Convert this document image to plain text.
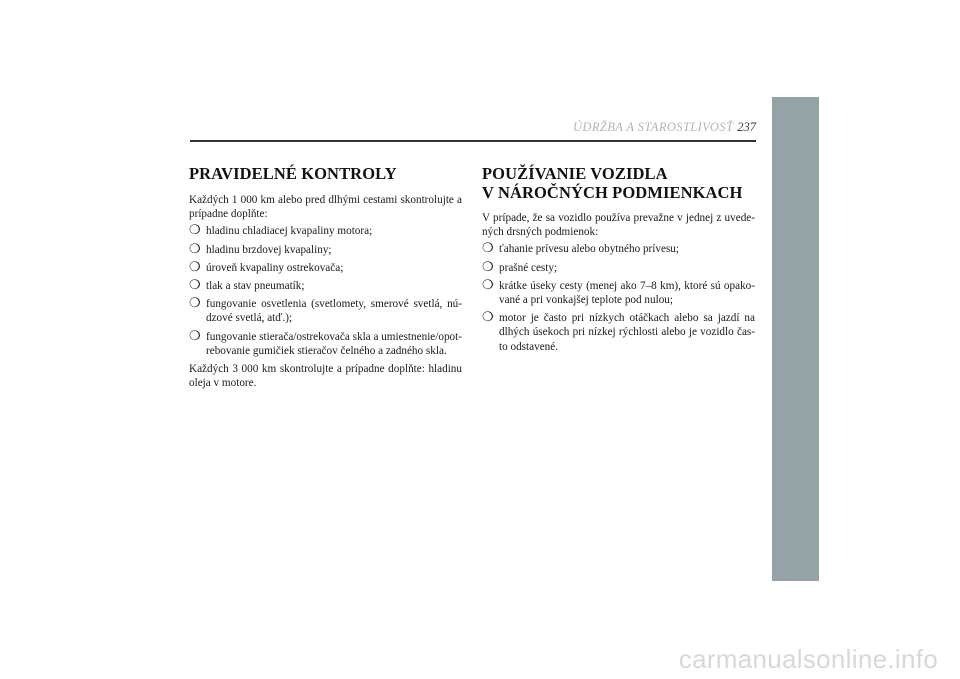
ÚDRŽBA A STAROSTLIVOSŤ 237
PRAVIDELNÉ KONTROLY

Každých 1 000 km alebo pred dlhými cestami skontrolujte a prípadne doplňte:

❍ hladinu chladiacej kvapaliny motora;
❍ hladinu brzdovej kvapaliny;
❍ úroveň kvapaliny ostrekovača;
❍ tlak a stav pneumatík;
❍ fungovanie osvetlenia (svetlomety, smerové svetlá, nú-dzové svetlá, atď.);
❍ fungovanie stierača/ostrekovača skla a umiestnenie/opot-rebovanie gumičiek stieračov čelného a zadného skla.

Každých 3 000 km skontrolujte a prípadne doplňte: hladinu oleja v motore.

POUŽÍVANIE VOZIDLA
V NÁROČNÝCH PODMIENKACH

V prípade, že sa vozidlo používa prevažne v jednej z uvede-ných drsných podmienok:

❍ ťahanie prívesu alebo obytného prívesu;
❍ prašné cesty;
❍ krátke úseky cesty (menej ako 7–8 km), ktoré sú opako-vané a pri vonkajšej teplote pod nulou;
❍ motor je často pri nízkych otáčkach alebo sa jazdí na dlhých úsekoch pri nízkej rýchlosti alebo je vozidlo čas-to odstavené.
carmanualsonline.info
